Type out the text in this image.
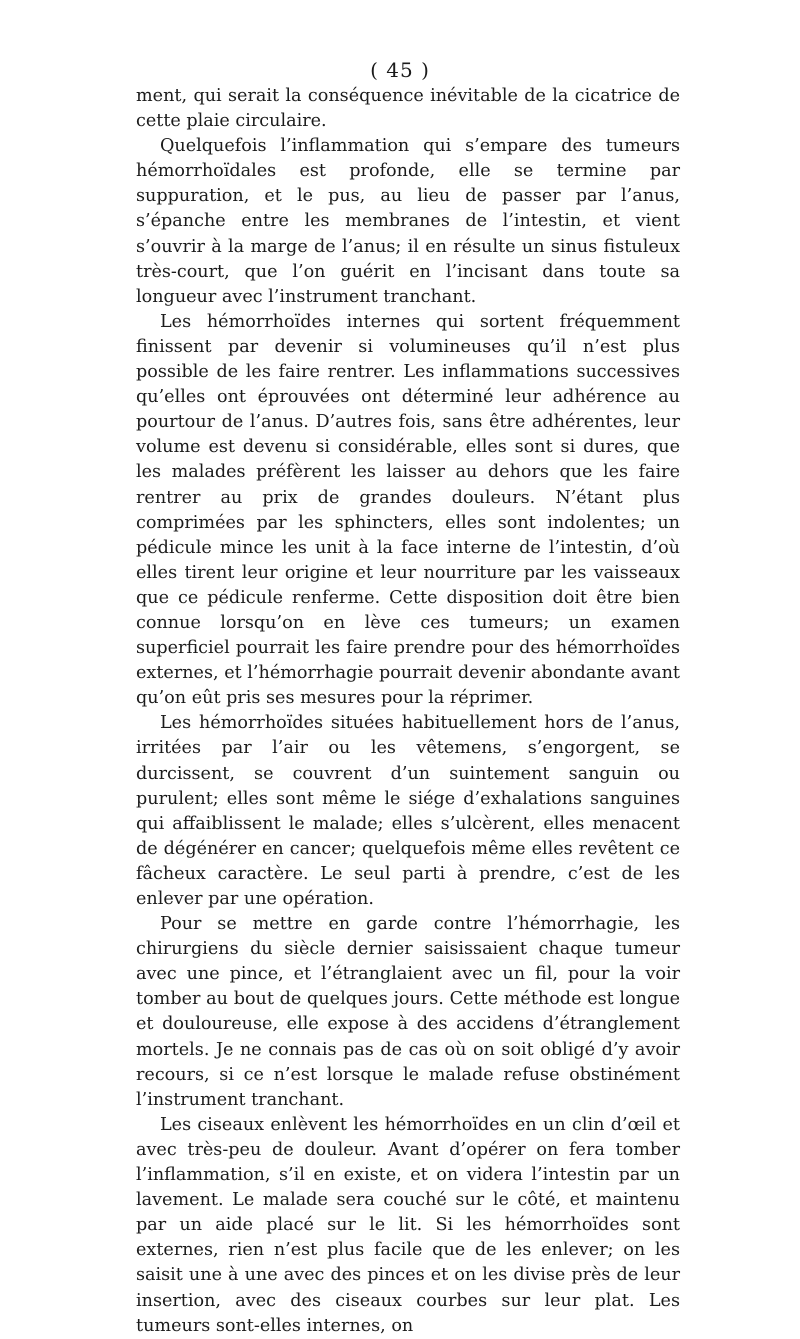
( 45 )

ment, qui serait la conséquence inévitable de la cicatrice de cette plaie circulaire.

Quelquefois l’inflammation qui s’empare des tumeurs hémorrhoïdales est profonde, elle se termine par suppuration, et le pus, au lieu de passer par l’anus, s’épanche entre les membranes de l’intestin, et vient s’ouvrir à la marge de l’anus; il en résulte un sinus fistuleux très-court, que l’on guérit en l’incisant dans toute sa longueur avec l’instrument tranchant.

Les hémorrhoïdes internes qui sortent fréquemment finissent par devenir si volumineuses qu’il n’est plus possible de les faire rentrer. Les inflammations successives qu’elles ont éprouvées ont déterminé leur adhérence au pourtour de l’anus. D’autres fois, sans être adhérentes, leur volume est devenu si considérable, elles sont si dures, que les malades préfèrent les laisser au dehors que les faire rentrer au prix de grandes douleurs. N’étant plus comprimées par les sphincters, elles sont indolentes; un pédicule mince les unit à la face interne de l’intestin, d’où elles tirent leur origine et leur nourriture par les vaisseaux que ce pédicule renferme. Cette disposition doit être bien connue lorsqu’on en lève ces tumeurs; un examen superficiel pourrait les faire prendre pour des hémorrhoïdes externes, et l’hémorrhagie pourrait devenir abondante avant qu’on eût pris ses mesures pour la réprimer.

Les hémorrhoïdes situées habituellement hors de l’anus, irritées par l’air ou les vêtemens, s’engorgent, se durcissent, se couvrent d’un suintement sanguin ou purulent; elles sont même le siége d’exhalations sanguines qui affaiblissent le malade; elles s’ulcèrent, elles menacent de dégénérer en cancer; quelquefois même elles revêtent ce fâcheux caractère. Le seul parti à prendre, c’est de les enlever par une opération.

Pour se mettre en garde contre l’hémorrhagie, les chirurgiens du siècle dernier saisissaient chaque tumeur avec une pince, et l’étranglaient avec un fil, pour la voir tomber au bout de quelques jours. Cette méthode est longue et douloureuse, elle expose à des accidens d’étranglement mortels. Je ne connais pas de cas où on soit obligé d’y avoir recours, si ce n’est lorsque le malade refuse obstinément l’instrument tranchant.

Les ciseaux enlèvent les hémorrhoïdes en un clin d’œil et avec très-peu de douleur. Avant d’opérer on fera tomber l’inflammation, s’il en existe, et on videra l’intestin par un lavement. Le malade sera couché sur le côté, et maintenu par un aide placé sur le lit. Si les hémorrhoïdes sont externes, rien n’est plus facile que de les enlever; on les saisit une à une avec des pinces et on les divise près de leur insertion, avec des ciseaux courbes sur leur plat. Les tumeurs sont-elles internes, on
